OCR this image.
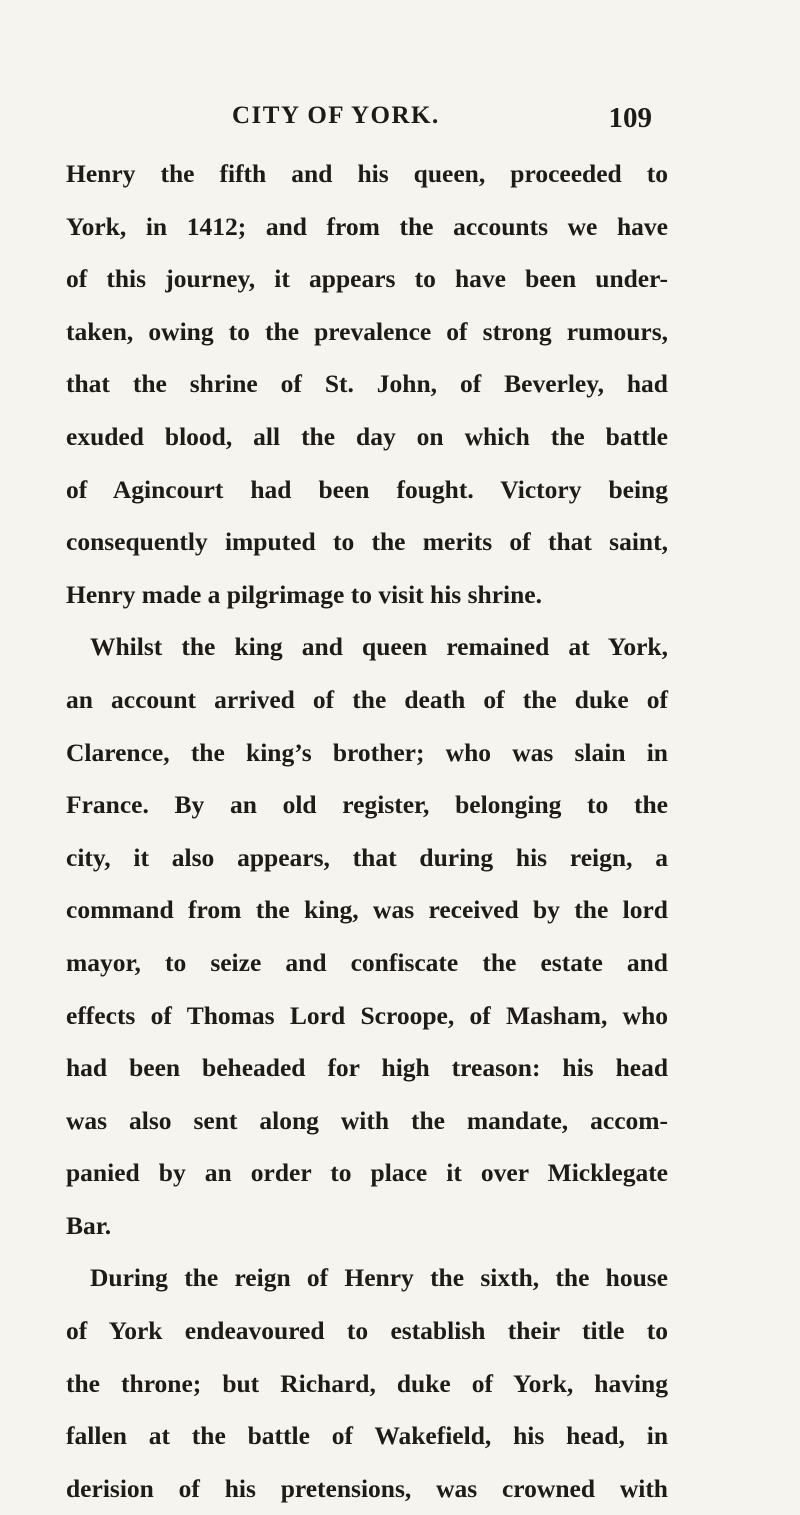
CITY OF YORK.	109
Henry the fifth and his queen, proceeded to
York, in 1412; and from the accounts we have
of this journey, it appears to have been under-
taken, owing to the prevalence of strong rumours,
that the shrine of St. John, of Beverley, had
exuded blood, all the day on which the battle
of Agincourt had been fought. Victory being
consequently imputed to the merits of that saint,
Henry made a pilgrimage to visit his shrine.
Whilst the king and queen remained at York,
an account arrived of the death of the duke of
Clarence, the king’s brother; who was slain in
France. By an old register, belonging to the
city, it also appears, that during his reign, a
command from the king, was received by the lord
mayor, to seize and confiscate the estate and
effects of Thomas Lord Scroope, of Masham, who
had been beheaded for high treason: his head
was also sent along with the mandate, accom-
panied by an order to place it over Micklegate
Bar.
During the reign of Henry the sixth, the house
of York endeavoured to establish their title to
the throne; but Richard, duke of York, having
fallen at the battle of Wakefield, his head, in
derision of his pretensions, was crowned with
